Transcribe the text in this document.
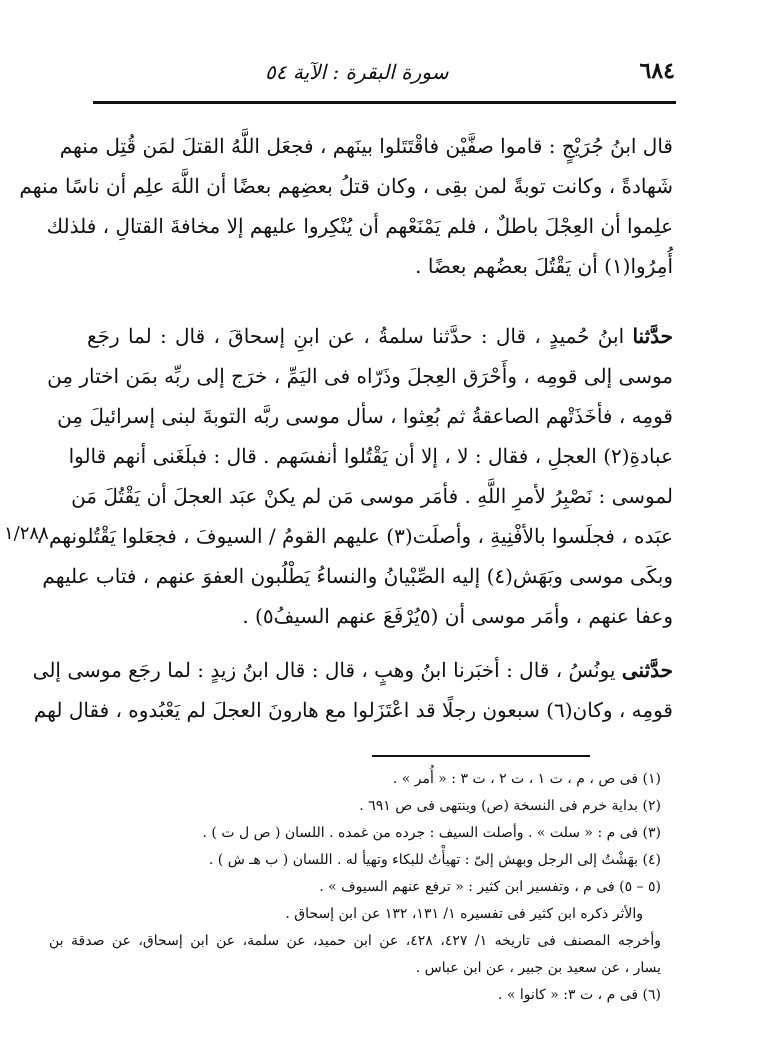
٦٨٤
سورة البقرة : الآية ٥٤
قال ابنُ جُرَيْجٍ : قاموا صفَّيْن فاقْتَتَلوا بينَهم ، فجعَل اللَّهُ القتلَ لمَن قُتِل منهم
شَهادةً ، وكانت توبةً لمن بقِى ، وكان قتلُ بعضِهم بعضًا أن اللَّهَ علِم أن ناسًا منهم
علِموا أن العِجْلَ باطلٌ ، فلم يَمْنَعْهم أن يُنْكِروا عليهم إلا مخافةَ القتالِ ، فلذلك
أُمِرُوا(١) أن يَقْتُلَ بعضُهم بعضًا .
حدَّثنا ابنُ حُميدٍ ، قال : حدَّثنا سلمةُ ، عن ابنِ إسحاقَ ، قال : لما رجَع
موسى إلى قومِه ، وأَحْرَق العِجلَ وذَرّاه فى اليَمِّ ، خرَج إلى ربِّه بمَن اختار مِن
قومِه ، فأخَذَتْهم الصاعقةُ ثم بُعِثوا ، سأل موسى ربَّه التوبةَ لبنى إسرائيلَ مِن
عبادةِ(٢) العجلِ ، فقال : لا ، إلا أن يَقْتُلوا أنفسَهم . قال : فبلَغَنى أنهم قالوا
لموسى : نَصْبِرُ لأمرِ اللَّهِ . فأمَر موسى مَن لم يكنْ عبَد العجلَ أن يَقْتُلَ مَن
عبَده ، فجلَسوا بالأفْنِيةِ ، وأصلَت(٣) عليهم القومُ / السيوفَ ، فجعَلوا يَقْتُلونهم ،
وبكَى موسى وبَهَش(٤) إليه الصِّبْيانُ والنساءُ يَطْلُبون العفوَ عنهم ، فتاب عليهم
وعفا عنهم ، وأمَر موسى أن (٥يُرْفَعَ عنهم السيفُ٥) .
١/٢٨٨
حدَّثنى يونُسُ ، قال : أخبَرنا ابنُ وهبٍ ، قال : قال ابنُ زيدٍ : لما رجَع موسى إلى
قومِه ، وكان(٦) سبعون رجلًا قد اعْتَزَلوا مع هارونَ العجلَ لم يَعْبُدوه ، فقال لهم
(١) فى ص ، م ، ت ١ ، ت ٢ ، ت ٣ : « أُمر » .
(٢) بداية خرم فى النسخة (ص) وينتهى فى ص ٦٩١ .
(٣) فى م : « سلت » . وأصلت السيف : جرده من غمده . اللسان ( ص ل ت ) .
(٤) بهَشْتُ إلى الرجل وبهش إلىّ : تهيأْتُ للبكاء وتهيأ له . اللسان ( ب هـ ش ) .
(٥ – ٥) فى م ، وتفسير ابن كثير : « ترفع عنهم السيوف » .
والأثر ذكره ابن كثير فى تفسيره ١/ ١٣١، ١٣٢ عن ابن إسحاق .
وأخرجه المصنف فى تاريخه ١/ ٤٢٧، ٤٢٨، عن ابن حميد، عن سلمة، عن ابن إسحاق، عن صدقة بن
يسار ، عن سعيد بن جبير ، عن ابن عباس .
(٦) فى م ، ت ٣: « كانوا » .
